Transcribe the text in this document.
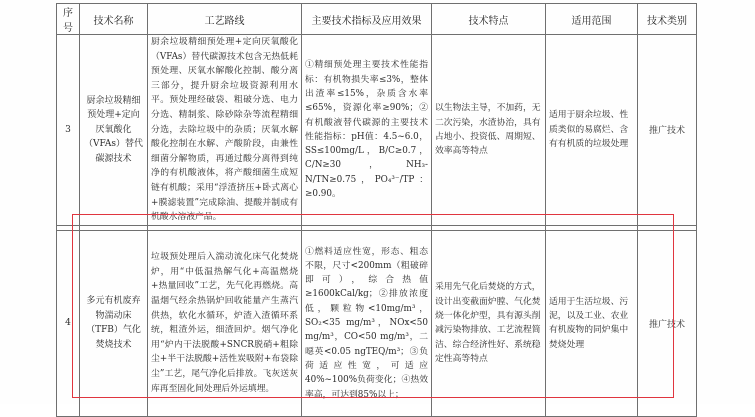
序号	技术名称	工艺路线	主要技术指标及应用效果	技术特点	适用范围	技术类别
3	厨余垃圾精细预处理+定向厌氧酸化（VFAs）替代碳源技术	厨余垃圾精细预处理+定向厌氧酸化（VFAs）替代碳源技术包含无热低耗预处理、厌氧水解酸化控制、酸分离三部分，提升厨余垃圾资源利用水平。预处理经破袋、粗破分选、电力分选、精制浆、除砂除杂等流程精细分选，去除垃圾中的杂质；厌氧水解酸化控制在水解、产酸阶段，由兼性细菌分解物质，再通过酸分离得到纯净的有机酸液体，将产酸细菌生成短链有机酸；采用“浮渣挤压+卧式离心+膜滤装置”完成除油、提酸并制成有机酸水溶液产品。	①精细预处理主要技术性能指标：有机物损失率≤3%，整体出渣率≤15%，杂质含水率≤65%，资源化率≥90%；②有机酸液替代碳源的主要技术性能指标：pH值：4.5~6.0，SS≤100mg/L，B/C≥0.7，C/N≥30，NH₃-N/TN≥0.75，PO₄³⁻/TP：≥0.90。	以生物法主导，不加药，无二次污染，水渣协治，具有占地小、投资低、周期短、效率高等特点	适用于厨余垃圾、性质类似的易腐烂、含有有机质的垃圾处理	推广技术

4	多元有机废弃物湍动床（TFB）气化焚烧技术	垃圾预处理后入湍动流化床气化焚烧炉，用“中低温热解气化+高温燃烧+热量回收”工艺，先气化再燃烧。高温烟气经余热锅炉回收能量产生蒸汽供热，软化水循环，炉渣入渣循环系统，粗渣外运，细渣回炉。烟气净化用“炉内干法脱酸+SNCR脱硝+粗除尘+半干法脱酸+活性炭吸附+布袋除尘”工艺，尾气净化后排放。飞灰送灰库再至固化间处理后外运填埋。	①燃料适应性宽，形态、粗态不限，尺寸<200mm（粗破碎即可），综合热值≥1600kCal/kg；②排放浓度低，颗粒物<10mg/m³，SO₂<35 mg/m³，NOx<50 mg/m³，CO<50 mg/m³，二噁英<0.05 ngTEQ/m³；③负荷适应性宽，可适应40%~100%负荷变化；④热效率高，可达到85%以上；	采用先气化后焚烧的方式，设计出变截面炉膛、气化焚烧一体化炉型，具有源头削减污染物排放、工艺流程简洁、综合经济性好、系统稳定性高等特点	适用于生活垃圾、污泥，以及工业、农业有机废物的同炉集中焚烧处理	推广技术
